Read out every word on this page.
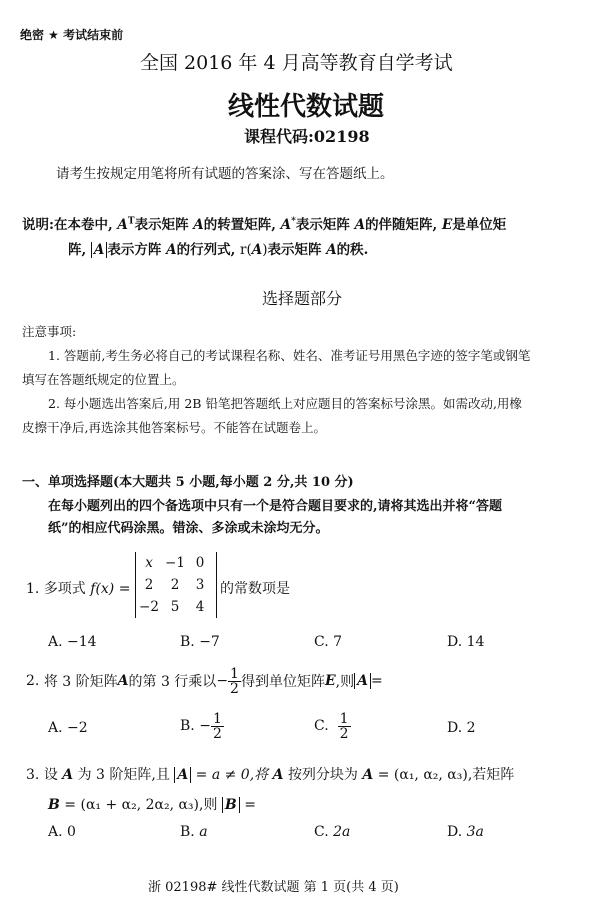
绝密 ★ 考试结束前
全国 2016 年 4 月高等教育自学考试
线性代数试题
课程代码:02198
请考生按规定用笔将所有试题的答案涂、写在答题纸上。
说明:在本卷中, $A^T$表示矩阵 A的转置矩阵, A*表示矩阵 A的伴随矩阵, E是单位矩
阵, A 表示方阵 A的行列式, r(A)表示矩阵 A的秩.
选择题部分
注意事项:
1. 答题前,考生务必将自己的考试课程名称、姓名、准考证号用黑色字迹的签字笔或钢笔
填写在答题纸规定的位置上。
2. 每小题选出答案后,用 2B 铅笔把答题纸上对应题目的答案标号涂黑。如需改动,用橡
皮擦干净后,再选涂其他答案标号。不能答在试题卷上。
一、单项选择题(本大题共 5 小题,每小题 2 分,共 10 分)
在每小题列出的四个备选项中只有一个是符合题目要求的,请将其选出并将“答题
纸”的相应代码涂黑。错涂、多涂或未涂均无分。
1. 多项式 f(x) =
x −1 0
2	2	3
−2 5	4
的常数项是
A. −14	B. −7	C. 7	D. 14
2.
将 3 阶矩阵 A 的第 3 行乘以 − $\frac{1}{2}$ 得到单位矩阵 E ,则 A =
A. −2	B.
− $\frac{1}{2}$	C.
$\frac{1}{2}$	D. 2
3. 设 A 为 3 阶矩阵,且 A = a ≠ 0,将 A 按列分块为 A = (α₁, α₂, α₃),若矩阵
B = (α₁ + α₂, 2α₂, α₃),则 B =
A. 0	B. a	C. 2a	D. 3a
浙 02198# 线性代数试题 第 1 页(共 4 页)
